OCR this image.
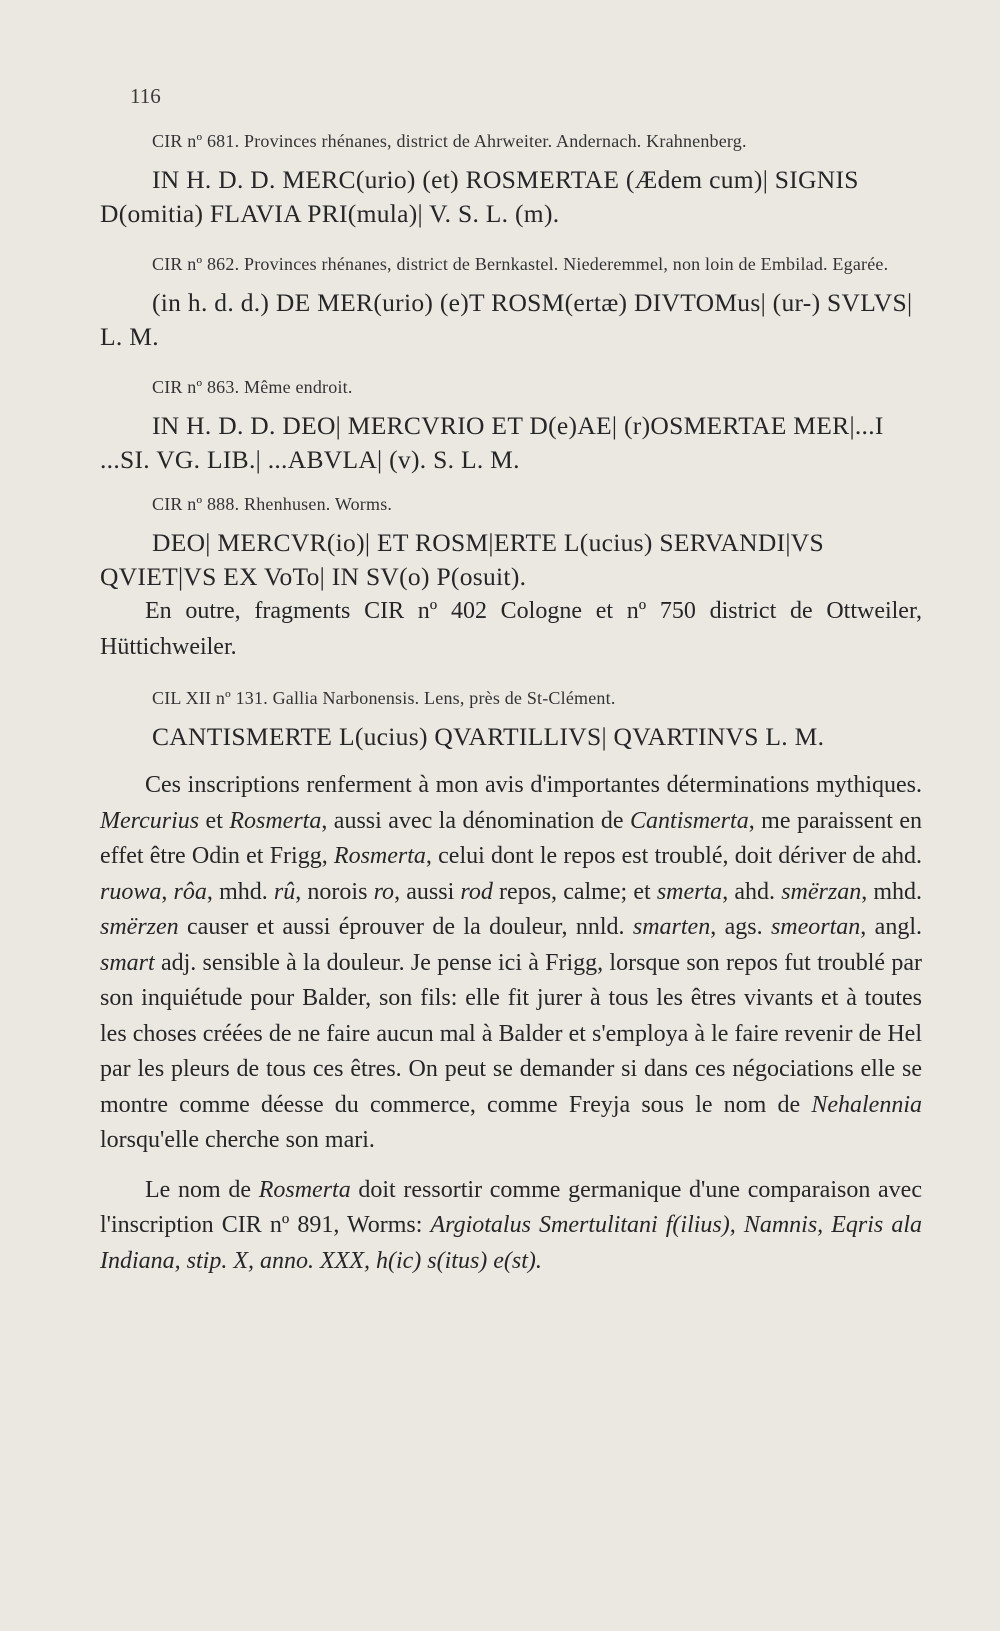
116

CIR nº 681. Provinces rhénanes, district de Ahrweiter. Andernach. Krahnenberg.

IN H. D. D. MERC(urio) (et) ROSMERTAE (Ædem cum)| SIGNIS D(omitia) FLAVIA PRI(mula)| V. S. L. (m).

CIR nº 862. Provinces rhénanes, district de Bernkastel. Niederemmel, non loin de Embilad. Egarée.

(in h. d. d.) DE MER(urio) (e)T ROSM(ertæ) DIVTOMus| (ur-) SVLVS| L. M.

CIR nº 863. Même endroit.

IN H. D. D. DEO| MERCVRIO ET D(e)AE| (r)OSMERTAE MER|...I ...SI. VG. LIB.| ...ABVLA| (v). S. L. M.

CIR nº 888. Rhenhusen. Worms.

DEO| MERCVR(io)| ET ROSM|ERTE L(ucius) SERVANDI|VS QVIET|VS EX VoTo| IN SV(o) P(osuit).

En outre, fragments CIR nº 402 Cologne et nº 750 district de Ottweiler, Hüttichweiler.

CIL XII nº 131. Gallia Narbonensis. Lens, près de St-Clément.

CANTISMERTE L(ucius) QVARTILLIVS| QVARTINVS L. M.

Ces inscriptions renferment à mon avis d'importantes déterminations mythiques. Mercurius et Rosmerta, aussi avec la dénomination de Cantismerta, me paraissent en effet être Odin et Frigg, Rosmerta, celui dont le repos est troublé, doit dériver de ahd. ruowa, rôa, mhd. rû, norois ro, aussi rod repos, calme; et smerta, ahd. smërzan, mhd. smërzen causer et aussi éprouver de la douleur, nnld. smarten, ags. smeortan, angl. smart adj. sensible à la douleur. Je pense ici à Frigg, lorsque son repos fut troublé par son inquiétude pour Balder, son fils: elle fit jurer à tous les êtres vivants et à toutes les choses créées de ne faire aucun mal à Balder et s'employa à le faire revenir de Hel par les pleurs de tous ces êtres. On peut se demander si dans ces négociations elle se montre comme déesse du commerce, comme Freyja sous le nom de Nehalennia lorsqu'elle cherche son mari.

Le nom de Rosmerta doit ressortir comme germanique d'une comparaison avec l'inscription CIR nº 891, Worms: Argiotalus Smertulitani f(ilius), Namnis, Eqris ala Indiana, stip. X, anno. XXX, h(ic) s(itus) e(st).
